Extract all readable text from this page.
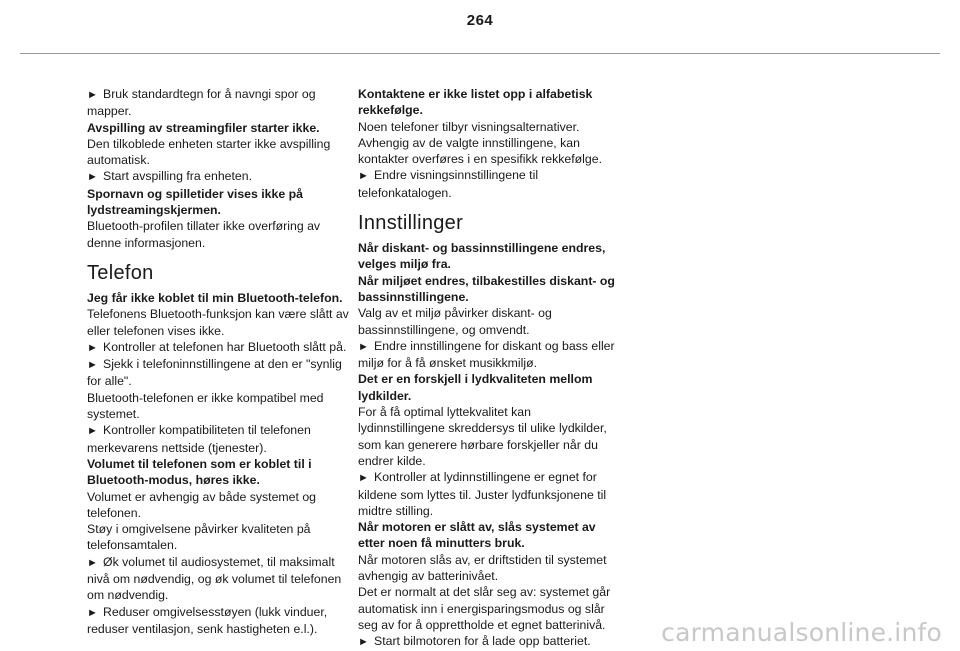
264

► Bruk standardtegn for å navngi spor og mapper.

Avspilling av streamingfiler starter ikke.

Den tilkoblede enheten starter ikke avspilling automatisk.

► Start avspilling fra enheten.

Spornavn og spilletider vises ikke på lydstreamingskjermen.

Bluetooth-profilen tillater ikke overføring av denne informasjonen.

Telefon

Jeg får ikke koblet til min Bluetooth-telefon.

Telefonens Bluetooth-funksjon kan være slått av eller telefonen vises ikke.

► Kontroller at telefonen har Bluetooth slått på.

► Sjekk i telefoninnstillingene at den er "synlig for alle".

Bluetooth-telefonen er ikke kompatibel med systemet.

► Kontroller kompatibiliteten til telefonen merkevarens nettside (tjenester).

Volumet til telefonen som er koblet til i Bluetooth-modus, høres ikke.

Volumet er avhengig av både systemet og telefonen.

Støy i omgivelsene påvirker kvaliteten på telefonsamtalen.

► Øk volumet til audiosystemet, til maksimalt nivå om nødvendig, og øk volumet til telefonen om nødvendig.

► Reduser omgivelsesstøyen (lukk vinduer, reduser ventilasjon, senk hastigheten e.l.).

Kontaktene er ikke listet opp i alfabetisk rekkefølge.

Noen telefoner tilbyr visningsalternativer. Avhengig av de valgte innstillingene, kan kontakter overføres i en spesifikk rekkefølge.

► Endre visningsinnstillingene til telefonkatalogen.

Innstillinger

Når diskant- og bassinnstillingene endres, velges miljø fra.

Når miljøet endres, tilbakestilles diskant- og bassinnstillingene.

Valg av et miljø påvirker diskant- og bassinnstillingene, og omvendt.

► Endre innstillingene for diskant og bass eller miljø for å få ønsket musikkmiljø.

Det er en forskjell i lydkvaliteten mellom lydkilder.

For å få optimal lyttekvalitet kan lydinnstillingene skreddersys til ulike lydkilder, som kan generere hørbare forskjeller når du endrer kilde.

► Kontroller at lydinnstillingene er egnet for kildene som lyttes til. Juster lydfunksjonene til midtre stilling.

Når motoren er slått av, slås systemet av etter noen få minutters bruk.

Når motoren slås av, er driftstiden til systemet avhengig av batterinivået.

Det er normalt at det slår seg av: systemet går automatisk inn i energisparingsmodus og slår seg av for å opprettholde et egnet batterinivå.

► Start bilmotoren for å lade opp batteriet.	carmanualsonline.info
